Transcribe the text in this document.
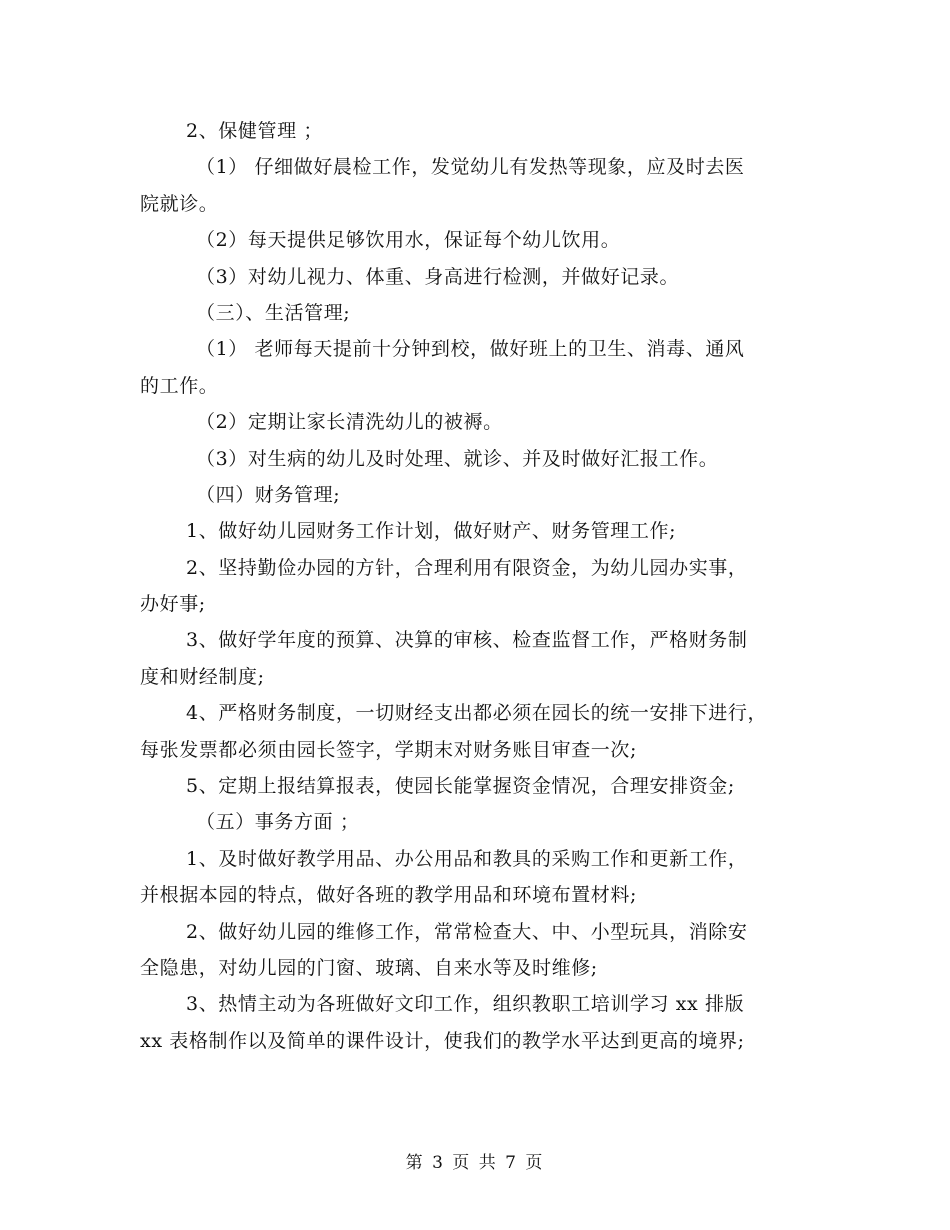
2、保健管理 ；
（1） 仔细做好晨检工作，发觉幼儿有发热等现象，应及时去医
院就诊。
（2）每天提供足够饮用水，保证每个幼儿饮用。
（3）对幼儿视力、体重、身高进行检测，并做好记录。
（三）、生活管理;
（1） 老师每天提前十分钟到校，做好班上的卫生、消毒、通风
的工作。
（2）定期让家长清洗幼儿的被褥。
（3）对生病的幼儿及时处理、就诊、并及时做好汇报工作。
（四）财务管理;
1、做好幼儿园财务工作计划，做好财产、财务管理工作;
2、坚持勤俭办园的方针，合理利用有限资金，为幼儿园办实事，
办好事;
3、做好学年度的预算、决算的审核、检查监督工作，严格财务制
度和财经制度;
4、严格财务制度，一切财经支出都必须在园长的统一安排下进行，
每张发票都必须由园长签字，学期末对财务账目审查一次;
5、定期上报结算报表，使园长能掌握资金情况，合理安排资金;
（五）事务方面 ；
1、及时做好教学用品、办公用品和教具的采购工作和更新工作，
并根据本园的特点，做好各班的教学用品和环境布置材料;
2、做好幼儿园的维修工作，常常检查大、中、小型玩具，消除安
全隐患，对幼儿园的门窗、玻璃、自来水等及时维修;
3、热情主动为各班做好文印工作，组织教职工培训学习 xx 排版
xx 表格制作以及简单的课件设计，使我们的教学水平达到更高的境界;
第 3 页 共 7 页
